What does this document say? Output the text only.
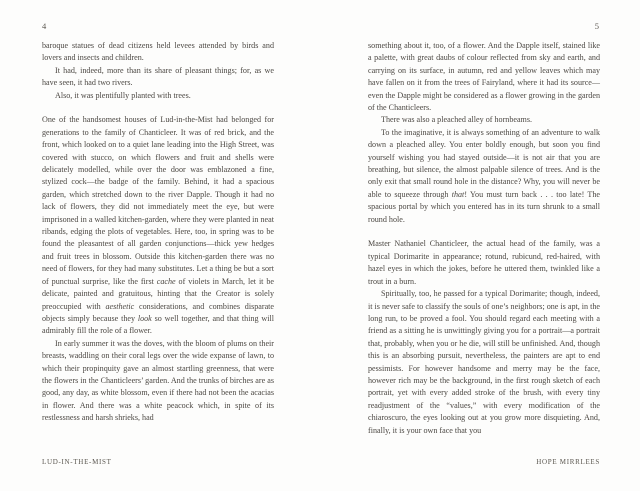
4

baroque statues of dead citizens held levees attended by birds and lovers and insects and children.

It had, indeed, more than its share of pleasant things; for, as we have seen, it had two rivers.

Also, it was plentifully planted with trees.

One of the handsomest houses of Lud-in-the-Mist had belonged for generations to the family of Chanticleer. It was of red brick, and the front, which looked on to a quiet lane leading into the High Street, was covered with stucco, on which flowers and fruit and shells were delicately modelled, while over the door was emblazoned a fine, stylized cock—the badge of the family. Behind, it had a spacious garden, which stretched down to the river Dapple. Though it had no lack of flowers, they did not immediately meet the eye, but were imprisoned in a walled kitchen-garden, where they were planted in neat ribands, edging the plots of vegetables. Here, too, in spring was to be found the pleasantest of all garden conjunctions—thick yew hedges and fruit trees in blossom. Outside this kitchen-garden there was no need of flowers, for they had many substitutes. Let a thing be but a sort of punctual surprise, like the first cache of violets in March, let it be delicate, painted and gratuitous, hinting that the Creator is solely preoccupied with aesthetic considerations, and combines disparate objects simply because they look so well together, and that thing will admirably fill the role of a flower.

In early summer it was the doves, with the bloom of plums on their breasts, waddling on their coral legs over the wide expanse of lawn, to which their propinquity gave an almost startling greenness, that were the flowers in the Chanticleers’ garden. And the trunks of birches are as good, any day, as white blossom, even if there had not been the acacias in flower. And there was a white peacock which, in spite of its restlessness and harsh shrieks, had

LUD-IN-THE-MIST
5

something about it, too, of a flower. And the Dapple itself, stained like a palette, with great daubs of colour reflected from sky and earth, and carrying on its surface, in autumn, red and yellow leaves which may have fallen on it from the trees of Fairyland, where it had its source—even the Dapple might be considered as a flower growing in the garden of the Chanticleers.

There was also a pleached alley of hornbeams.

To the imaginative, it is always something of an adventure to walk down a pleached alley. You enter boldly enough, but soon you find yourself wishing you had stayed outside—it is not air that you are breathing, but silence, the almost palpable silence of trees. And is the only exit that small round hole in the distance? Why, you will never be able to squeeze through that! You must turn back . . . too late! The spacious portal by which you entered has in its turn shrunk to a small round hole.

Master Nathaniel Chanticleer, the actual head of the family, was a typical Dorimarite in appearance; rotund, rubicund, red-haired, with hazel eyes in which the jokes, before he uttered them, twinkled like a trout in a burn.

Spiritually, too, he passed for a typical Dorimarite; though, indeed, it is never safe to classify the souls of one’s neighbors; one is apt, in the long run, to be proved a fool. You should regard each meeting with a friend as a sitting he is unwittingly giving you for a portrait—a portrait that, probably, when you or he die, will still be unfinished. And, though this is an absorbing pursuit, nevertheless, the painters are apt to end pessimists. For however handsome and merry may be the face, however rich may be the background, in the first rough sketch of each portrait, yet with every added stroke of the brush, with every tiny readjustment of the “values,” with every modification of the chiaroscuro, the eyes looking out at you grow more disquieting. And, finally, it is your own face that you

HOPE MIRRLEES
